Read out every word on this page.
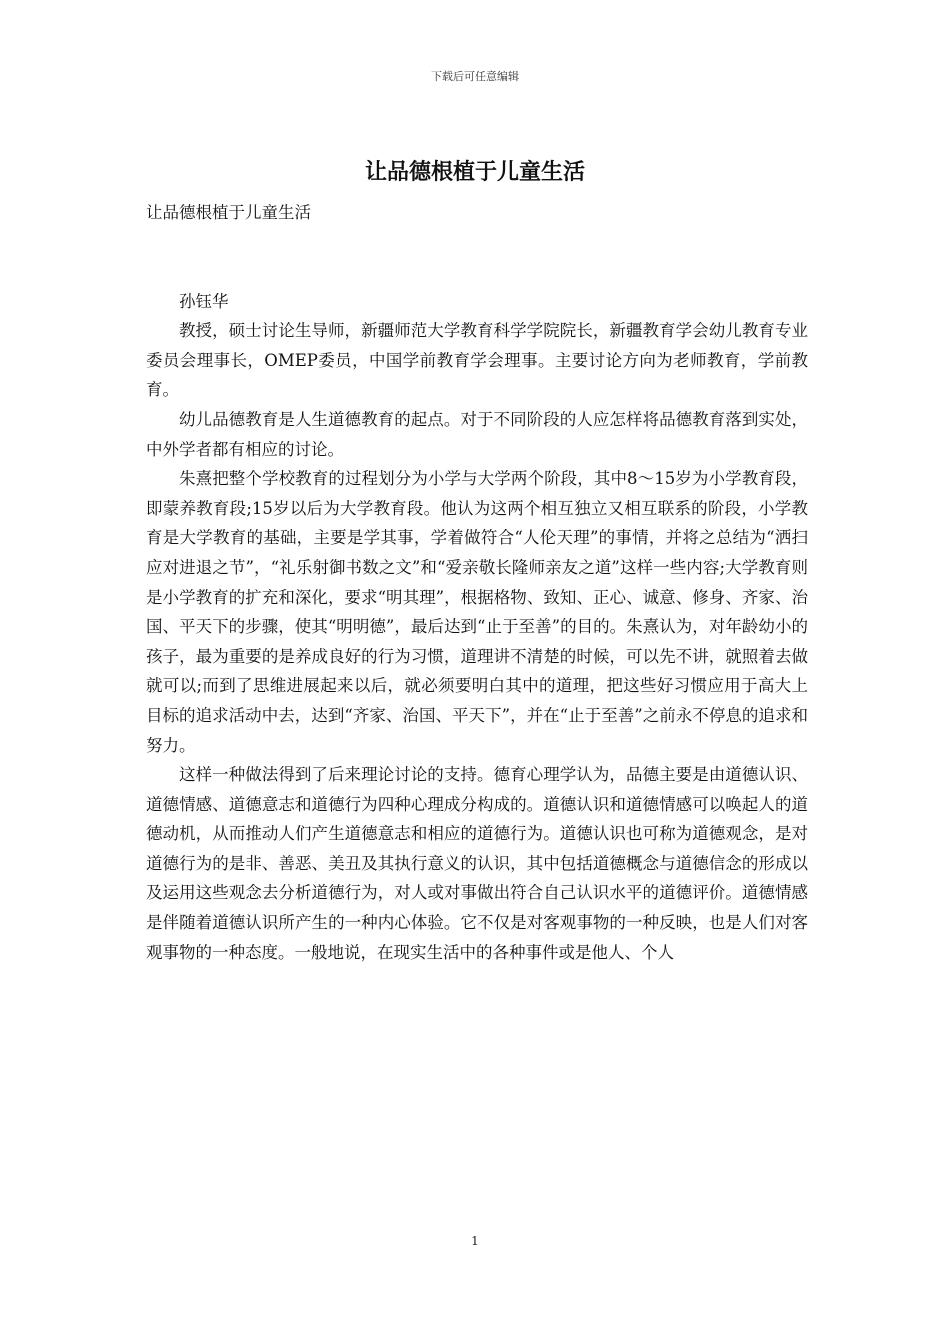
下载后可任意编辑
让品德根植于儿童生活

让品德根植于儿童生活

孙钰华

教授，硕士讨论生导师，新疆师范大学教育科学学院院长，新疆教育学会幼儿教育专业委员会理事长，OMEP委员，中国学前教育学会理事。主要讨论方向为老师教育，学前教育。

幼儿品德教育是人生道德教育的起点。对于不同阶段的人应怎样将品德教育落到实处，中外学者都有相应的讨论。

朱熹把整个学校教育的过程划分为小学与大学两个阶段，其中8～15岁为小学教育段，即蒙养教育段;15岁以后为大学教育段。他认为这两个相互独立又相互联系的阶段，小学教育是大学教育的基础，主要是学其事，学着做符合“人伦天理”的事情，并将之总结为“洒扫应对进退之节”，“礼乐射御书数之文”和“爱亲敬长隆师亲友之道”这样一些内容;大学教育则是小学教育的扩充和深化，要求“明其理”，根据格物、致知、正心、诚意、修身、齐家、治国、平天下的步骤，使其“明明德”，最后达到“止于至善”的目的。朱熹认为，对年龄幼小的孩子，最为重要的是养成良好的行为习惯，道理讲不清楚的时候，可以先不讲，就照着去做就可以;而到了思维进展起来以后，就必须要明白其中的道理，把这些好习惯应用于高大上目标的追求活动中去，达到“齐家、治国、平天下”，并在“止于至善”之前永不停息的追求和努力。

这样一种做法得到了后来理论讨论的支持。德育心理学认为，品德主要是由道德认识、道德情感、道德意志和道德行为四种心理成分构成的。道德认识和道德情感可以唤起人的道德动机，从而推动人们产生道德意志和相应的道德行为。道德认识也可称为道德观念，是对道德行为的是非、善恶、美丑及其执行意义的认识，其中包括道德概念与道德信念的形成以及运用这些观念去分析道德行为，对人或对事做出符合自己认识水平的道德评价。道德情感是伴随着道德认识所产生的一种内心体验。它不仅是对客观事物的一种反映，也是人们对客观事物的一种态度。一般地说，在现实生活中的各种事件或是他人、个人

1
